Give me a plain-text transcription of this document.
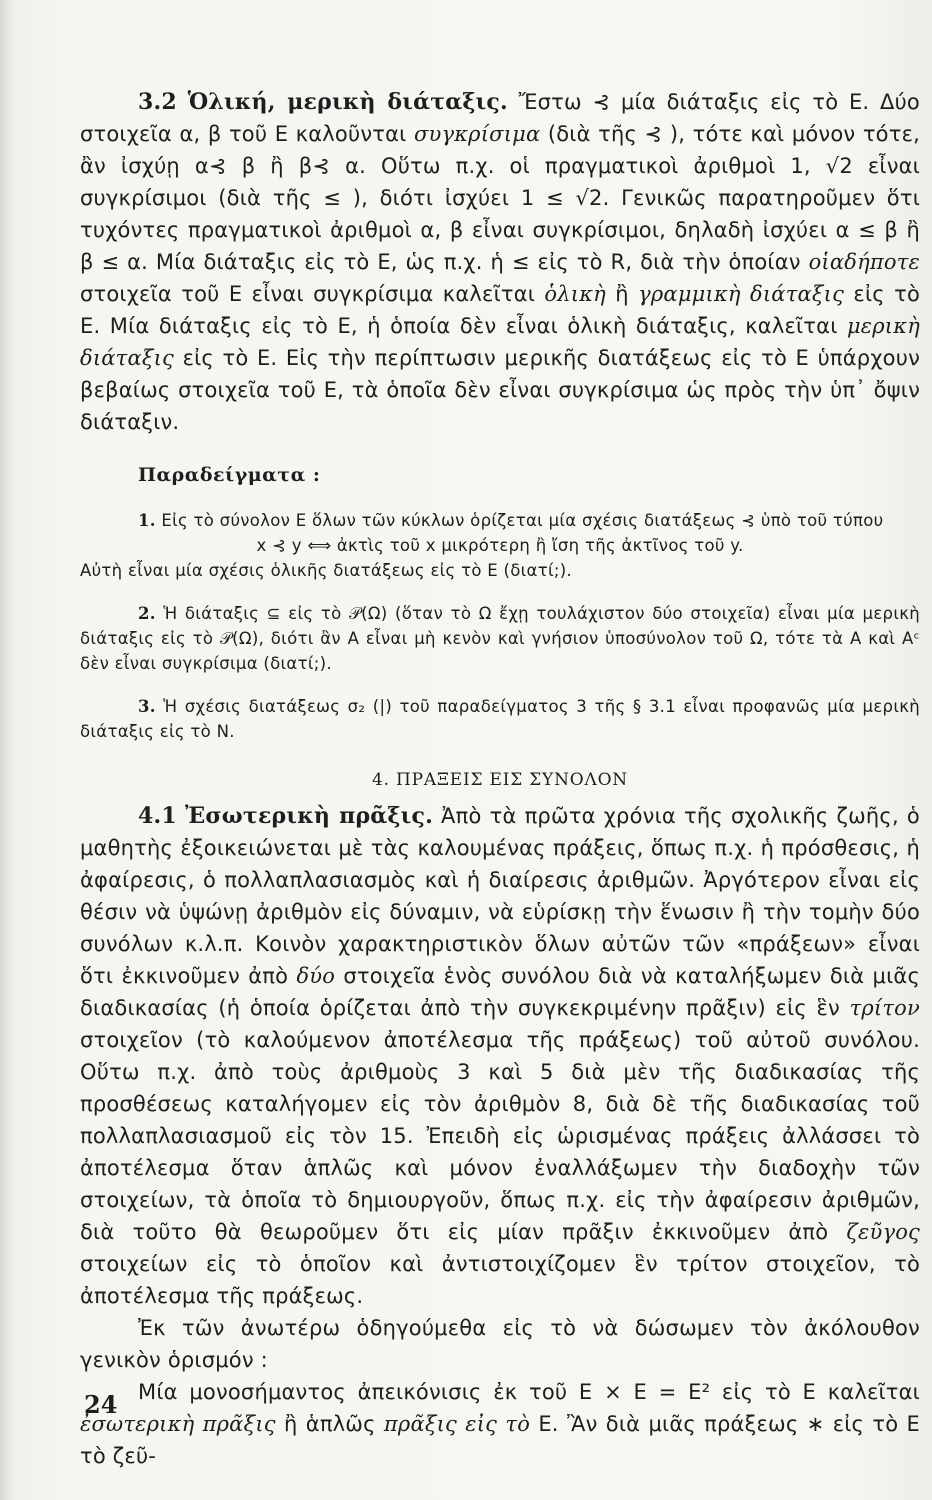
3.2 Ὁλική, μερικὴ διάταξις. Ἔστω ⊰ μία διάταξις εἰς τὸ Ε. Δύο στοιχεῖα α, β τοῦ Ε καλοῦνται συγκρίσιμα (διὰ τῆς ⊰ ), τότε καὶ μόνον τότε, ἂν ἰσχύῃ α⊰ β ἢ β⊰ α. Οὕτω π.χ. οἱ πραγματικοὶ ἀριθμοὶ 1, √2 εἶναι συγκρίσιμοι (διὰ τῆς ≤ ), διότι ἰσχύει 1 ≤ √2. Γενικῶς παρατηροῦμεν ὅτι τυχόντες πραγματικοὶ ἀριθμοὶ α, β εἶναι συγκρίσιμοι, δηλαδὴ ἰσχύει α ≤ β ἢ β ≤ α. Μία διάταξις εἰς τὸ Ε, ὡς π.χ. ἡ ≤ εἰς τὸ R, διὰ τὴν ὁποίαν οἱαδήποτε στοιχεῖα τοῦ Ε εἶναι συγκρίσιμα καλεῖται ὁλικὴ ἢ γραμμικὴ διάταξις εἰς τὸ Ε. Μία διάταξις εἰς τὸ Ε, ἡ ὁποία δὲν εἶναι ὁλικὴ διάταξις, καλεῖται μερικὴ διάταξις εἰς τὸ Ε. Εἰς τὴν περίπτωσιν μερικῆς διατάξεως εἰς τὸ Ε ὑπάρχουν βεβαίως στοιχεῖα τοῦ Ε, τὰ ὁποῖα δὲν εἶναι συγκρίσιμα ὡς πρὸς τὴν ὑπ᾽ ὄψιν διάταξιν.

Παραδείγματα :

1. Εἰς τὸ σύνολον Ε ὅλων τῶν κύκλων ὁρίζεται μία σχέσις διατάξεως ⊰ ὑπὸ τοῦ τύπου
x ⊰ y ⟺ ἀκτὶς τοῦ x μικρότερη ἢ ἴση τῆς ἀκτῖνος τοῦ y.
Αὐτὴ εἶναι μία σχέσις ὁλικῆς διατάξεως εἰς τὸ Ε (διατί;).

2. Ἡ διάταξις ⊆ εἰς τὸ 𝒫(Ω) (ὅταν τὸ Ω ἔχῃ τουλάχιστον δύο στοιχεῖα) εἶναι μία μερικὴ διάταξις εἰς τὸ 𝒫(Ω), διότι ἂν Α εἶναι μὴ κενὸν καὶ γνήσιον ὑποσύνολον τοῦ Ω, τότε τὰ Α καὶ Aᶜ δὲν εἶναι συγκρίσιμα (διατί;).

3. Ἡ σχέσις διατάξεως σ₂ (|) τοῦ παραδείγματος 3 τῆς § 3.1 εἶναι προφανῶς μία μερικὴ διάταξις εἰς τὸ N.

4. ΠΡΑΞΕΙΣ ΕΙΣ ΣΥΝΟΛΟΝ

4.1 Ἐσωτερικὴ πρᾶξις. Ἀπὸ τὰ πρῶτα χρόνια τῆς σχολικῆς ζωῆς, ὁ μαθητὴς ἐξοικειώνεται μὲ τὰς καλουμένας πράξεις, ὅπως π.χ. ἡ πρόσθεσις, ἡ ἀφαίρεσις, ὁ πολλαπλασιασμὸς καὶ ἡ διαίρεσις ἀριθμῶν. Ἀργότερον εἶναι εἰς θέσιν νὰ ὑψώνῃ ἀριθμὸν εἰς δύναμιν, νὰ εὑρίσκῃ τὴν ἕνωσιν ἢ τὴν τομὴν δύο συνόλων κ.λ.π. Κοινὸν χαρακτηριστικὸν ὅλων αὐτῶν τῶν «πράξεων» εἶναι ὅτι ἐκκινοῦμεν ἀπὸ δύο στοιχεῖα ἑνὸς συνόλου διὰ νὰ καταλήξωμεν διὰ μιᾶς διαδικασίας (ἡ ὁποία ὁρίζεται ἀπὸ τὴν συγκεκριμένην πρᾶξιν) εἰς ἓν τρίτον στοιχεῖον (τὸ καλούμενον ἀποτέλεσμα τῆς πράξεως) τοῦ αὐτοῦ συνόλου. Οὕτω π.χ. ἀπὸ τοὺς ἀριθμοὺς 3 καὶ 5 διὰ μὲν τῆς διαδικασίας τῆς προσθέσεως καταλήγομεν εἰς τὸν ἀριθμὸν 8, διὰ δὲ τῆς διαδικασίας τοῦ πολλαπλασιασμοῦ εἰς τὸν 15. Ἐπειδὴ εἰς ὡρισμένας πράξεις ἀλλάσσει τὸ ἀποτέλεσμα ὅταν ἁπλῶς καὶ μόνον ἐναλλάξωμεν τὴν διαδοχὴν τῶν στοιχείων, τὰ ὁποῖα τὸ δημιουργοῦν, ὅπως π.χ. εἰς τὴν ἀφαίρεσιν ἀριθμῶν, διὰ τοῦτο θὰ θεωροῦμεν ὅτι εἰς μίαν πρᾶξιν ἐκκινοῦμεν ἀπὸ ζεῦγος στοιχείων εἰς τὸ ὁποῖον καὶ ἀντιστοιχίζομεν ἓν τρίτον στοιχεῖον, τὸ ἀποτέλεσμα τῆς πράξεως.

Ἐκ τῶν ἀνωτέρω ὁδηγούμεθα εἰς τὸ νὰ δώσωμεν τὸν ἀκόλουθον γενικὸν ὁρισμόν :

Μία μονοσήμαντος ἀπεικόνισις ἐκ τοῦ Ε × Ε = Ε² εἰς τὸ Ε καλεῖται ἐσωτερικὴ πρᾶξις ἢ ἁπλῶς πρᾶξις εἰς τὸ Ε. Ἂν διὰ μιᾶς πράξεως ∗ εἰς τὸ Ε τὸ ζεῦ-

24
